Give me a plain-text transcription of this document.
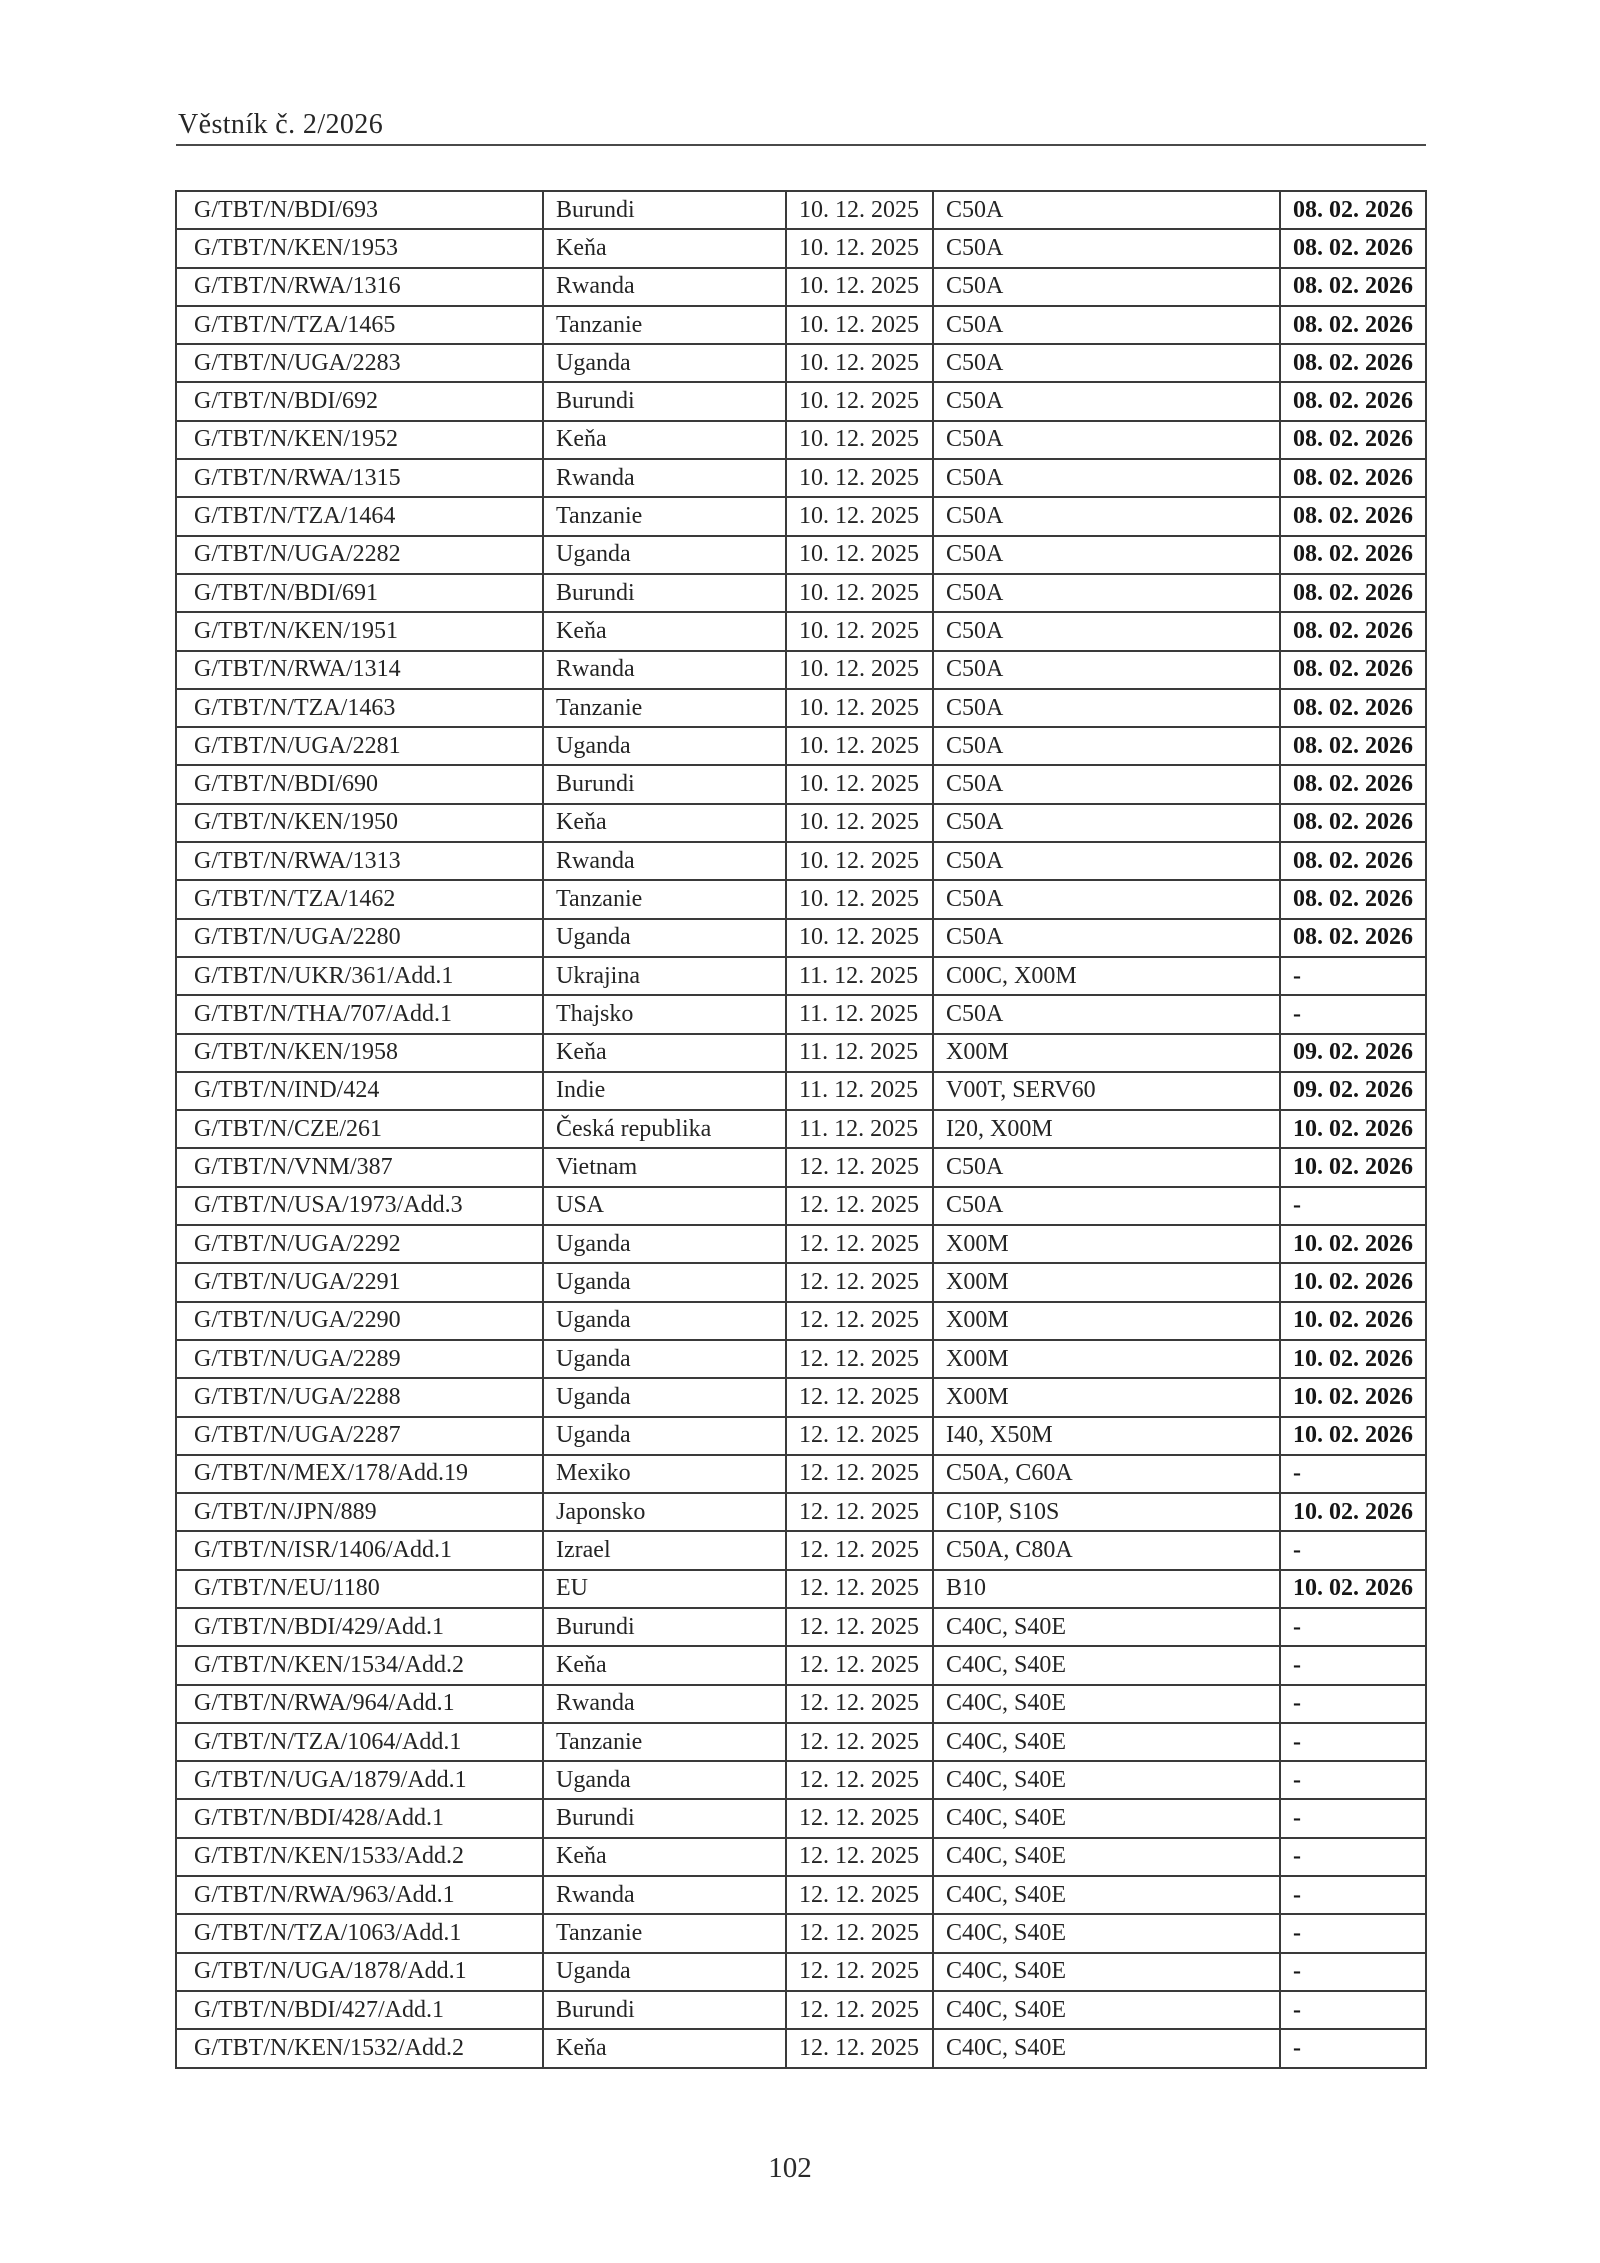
Věstník č. 2/2026
G/TBT/N/BDI/693	Burundi	10. 12. 2025	C50A	08. 02. 2026
G/TBT/N/KEN/1953	Keňa	10. 12. 2025	C50A	08. 02. 2026
G/TBT/N/RWA/1316	Rwanda	10. 12. 2025	C50A	08. 02. 2026
G/TBT/N/TZA/1465	Tanzanie	10. 12. 2025	C50A	08. 02. 2026
G/TBT/N/UGA/2283	Uganda	10. 12. 2025	C50A	08. 02. 2026
G/TBT/N/BDI/692	Burundi	10. 12. 2025	C50A	08. 02. 2026
G/TBT/N/KEN/1952	Keňa	10. 12. 2025	C50A	08. 02. 2026
G/TBT/N/RWA/1315	Rwanda	10. 12. 2025	C50A	08. 02. 2026
G/TBT/N/TZA/1464	Tanzanie	10. 12. 2025	C50A	08. 02. 2026
G/TBT/N/UGA/2282	Uganda	10. 12. 2025	C50A	08. 02. 2026
G/TBT/N/BDI/691	Burundi	10. 12. 2025	C50A	08. 02. 2026
G/TBT/N/KEN/1951	Keňa	10. 12. 2025	C50A	08. 02. 2026
G/TBT/N/RWA/1314	Rwanda	10. 12. 2025	C50A	08. 02. 2026
G/TBT/N/TZA/1463	Tanzanie	10. 12. 2025	C50A	08. 02. 2026
G/TBT/N/UGA/2281	Uganda	10. 12. 2025	C50A	08. 02. 2026
G/TBT/N/BDI/690	Burundi	10. 12. 2025	C50A	08. 02. 2026
G/TBT/N/KEN/1950	Keňa	10. 12. 2025	C50A	08. 02. 2026
G/TBT/N/RWA/1313	Rwanda	10. 12. 2025	C50A	08. 02. 2026
G/TBT/N/TZA/1462	Tanzanie	10. 12. 2025	C50A	08. 02. 2026
G/TBT/N/UGA/2280	Uganda	10. 12. 2025	C50A	08. 02. 2026
G/TBT/N/UKR/361/Add.1	Ukrajina	11. 12. 2025	C00C, X00M	-
G/TBT/N/THA/707/Add.1	Thajsko	11. 12. 2025	C50A	-
G/TBT/N/KEN/1958	Keňa	11. 12. 2025	X00M	09. 02. 2026
G/TBT/N/IND/424	Indie	11. 12. 2025	V00T, SERV60	09. 02. 2026
G/TBT/N/CZE/261	Česká republika	11. 12. 2025	I20, X00M	10. 02. 2026
G/TBT/N/VNM/387	Vietnam	12. 12. 2025	C50A	10. 02. 2026
G/TBT/N/USA/1973/Add.3	USA	12. 12. 2025	C50A	-
G/TBT/N/UGA/2292	Uganda	12. 12. 2025	X00M	10. 02. 2026
G/TBT/N/UGA/2291	Uganda	12. 12. 2025	X00M	10. 02. 2026
G/TBT/N/UGA/2290	Uganda	12. 12. 2025	X00M	10. 02. 2026
G/TBT/N/UGA/2289	Uganda	12. 12. 2025	X00M	10. 02. 2026
G/TBT/N/UGA/2288	Uganda	12. 12. 2025	X00M	10. 02. 2026
G/TBT/N/UGA/2287	Uganda	12. 12. 2025	I40, X50M	10. 02. 2026
G/TBT/N/MEX/178/Add.19	Mexiko	12. 12. 2025	C50A, C60A	-
G/TBT/N/JPN/889	Japonsko	12. 12. 2025	C10P, S10S	10. 02. 2026
G/TBT/N/ISR/1406/Add.1	Izrael	12. 12. 2025	C50A, C80A	-
G/TBT/N/EU/1180	EU	12. 12. 2025	B10	10. 02. 2026
G/TBT/N/BDI/429/Add.1	Burundi	12. 12. 2025	C40C, S40E	-
G/TBT/N/KEN/1534/Add.2	Keňa	12. 12. 2025	C40C, S40E	-
G/TBT/N/RWA/964/Add.1	Rwanda	12. 12. 2025	C40C, S40E	-
G/TBT/N/TZA/1064/Add.1	Tanzanie	12. 12. 2025	C40C, S40E	-
G/TBT/N/UGA/1879/Add.1	Uganda	12. 12. 2025	C40C, S40E	-
G/TBT/N/BDI/428/Add.1	Burundi	12. 12. 2025	C40C, S40E	-
G/TBT/N/KEN/1533/Add.2	Keňa	12. 12. 2025	C40C, S40E	-
G/TBT/N/RWA/963/Add.1	Rwanda	12. 12. 2025	C40C, S40E	-
G/TBT/N/TZA/1063/Add.1	Tanzanie	12. 12. 2025	C40C, S40E	-
G/TBT/N/UGA/1878/Add.1	Uganda	12. 12. 2025	C40C, S40E	-
G/TBT/N/BDI/427/Add.1	Burundi	12. 12. 2025	C40C, S40E	-
G/TBT/N/KEN/1532/Add.2	Keňa	12. 12. 2025	C40C, S40E	-
102
